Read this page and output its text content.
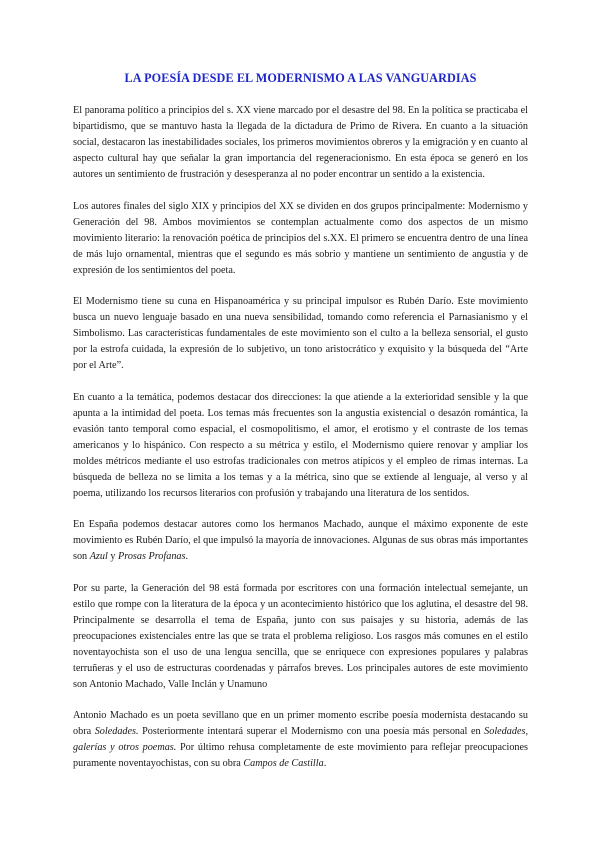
LA POESÍA DESDE EL MODERNISMO A LAS VANGUARDIAS

El panorama político a principios del s. XX viene marcado por el desastre del 98. En la política se practicaba el bipartidismo, que se mantuvo hasta la llegada de la dictadura de Primo de Rivera. En cuanto a la situación social, destacaron las inestabilidades sociales, los primeros movimientos obreros y la emigración y en cuanto al aspecto cultural hay que señalar la gran importancia del regeneracionismo. En esta época se generó en los autores un sentimiento de frustración y desesperanza al no poder encontrar un sentido a la existencia.

Los autores finales del siglo XIX y principios del XX se dividen en dos grupos principalmente: Modernismo y Generación del 98. Ambos movimientos se contemplan actualmente como dos aspectos de un mismo movimiento literario: la renovación poética de principios del s.XX. El primero se encuentra dentro de una línea de más lujo ornamental, mientras que el segundo es más sobrio y mantiene un sentimiento de angustia y de expresión de los sentimientos del poeta.

El Modernismo tiene su cuna en Hispanoamérica y su principal impulsor es Rubén Darío. Este movimiento busca un nuevo lenguaje basado en una nueva sensibilidad, tomando como referencia el Parnasianismo y el Simbolismo. Las características fundamentales de este movimiento son el culto a la belleza sensorial, el gusto por la estrofa cuidada, la expresión de lo subjetivo, un tono aristocrático y exquisito y la búsqueda del “Arte por el Arte”.

En cuanto a la temática, podemos destacar dos direcciones: la que atiende a la exterioridad sensible y la que apunta a la intimidad del poeta. Los temas más frecuentes son la angustia existencial o desazón romántica, la evasión tanto temporal como espacial, el cosmopolitismo, el amor, el erotismo y el contraste de los temas americanos y lo hispánico. Con respecto a su métrica y estilo, el Modernismo quiere renovar y ampliar los moldes métricos mediante el uso estrofas tradicionales con metros atípicos y el empleo de rimas internas. La búsqueda de belleza no se limita a los temas y a la métrica, sino que se extiende al lenguaje, al verso y al poema, utilizando los recursos literarios con profusión y trabajando una literatura de los sentidos.

En España podemos destacar autores como los hermanos Machado, aunque el máximo exponente de este movimiento es Rubén Darío, el que impulsó la mayoría de innovaciones. Algunas de sus obras más importantes son Azul y Prosas Profanas.

Por su parte, la Generación del 98 está formada por escritores con una formación intelectual semejante, un estilo que rompe con la literatura de la época y un acontecimiento histórico que los aglutina, el desastre del 98. Principalmente se desarrolla el tema de España, junto con sus paisajes y su historia, además de las preocupaciones existenciales entre las que se trata el problema religioso. Los rasgos más comunes en el estilo noventayochista son el uso de una lengua sencilla, que se enriquece con expresiones populares y palabras terruñeras y el uso de estructuras coordenadas y párrafos breves. Los principales autores de este movimiento son Antonio Machado, Valle Inclán y Unamuno

Antonio Machado es un poeta sevillano que en un primer momento escribe poesía modernista destacando su obra Soledades. Posteriormente intentará superar el Modernismo con una poesía más personal en Soledades, galerías y otros poemas. Por último rehusa completamente de este movimiento para reflejar preocupaciones puramente noventayochistas, con su obra Campos de Castilla.
